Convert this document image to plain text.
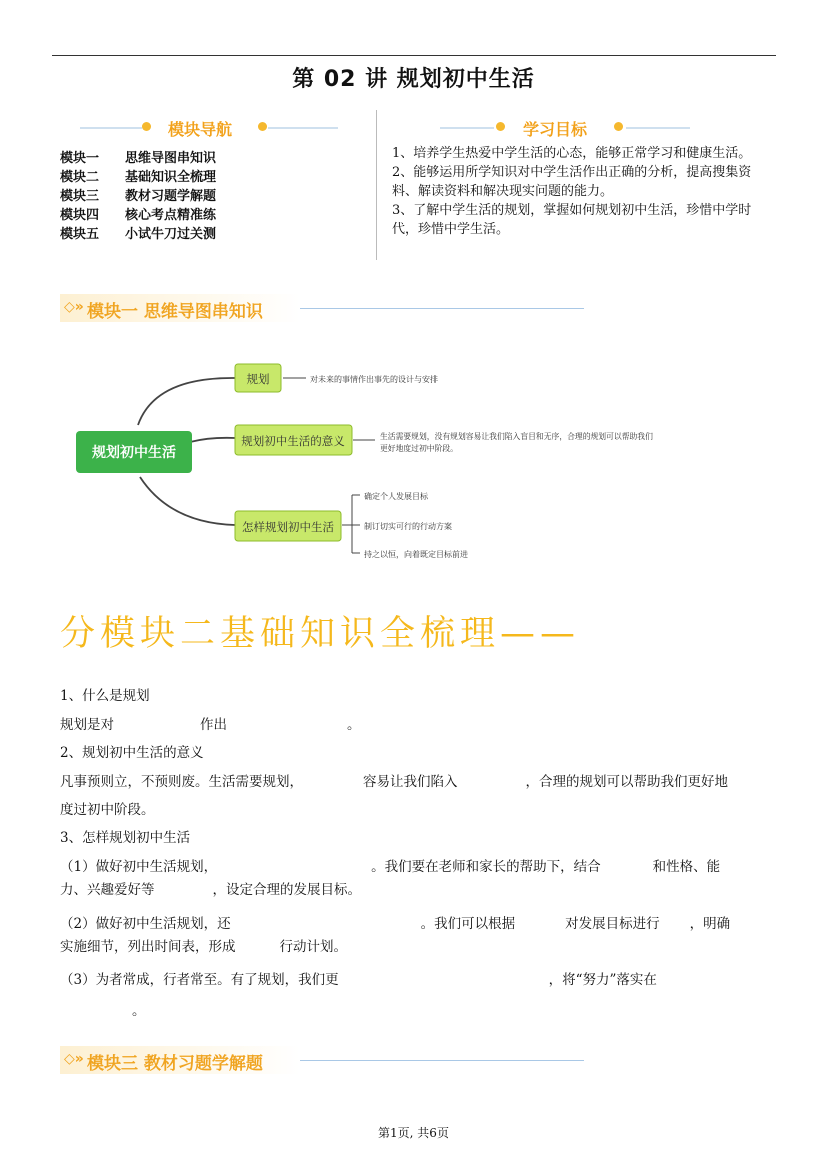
第 02 讲 规划初中生活
模块导航	学习目标
模块一 思维导图串知识
模块二 基础知识全梳理
模块三 教材习题学解题
模块四 核心考点精准练
模块五 小试牛刀过关测
1、培养学生热爱中学生活的心态，能够正常学习和健康生活。
2、能够运用所学知识对中学生活作出正确的分析，提高搜集资料、解读资料和解决现实问题的能力。
3、了解中学生活的规划，掌握如何规划初中生活，珍惜中学时代，珍惜中学生活。
◇» 模块一 思维导图串知识
规划初中生活
规划	对未来的事情作出事先的设计与安排
规划初中生活的意义	生活需要规划，没有规划容易让我们陷入盲目和无序，合理的规划可以帮助我们
更好地度过初中阶段。
怎样规划初中生活
确定个人发展目标
制订切实可行的行动方案
持之以恒，向着既定目标前进
分模块二基础知识全梳理——
1、什么是规划
规划是对	作出	。
2、规划初中生活的意义
凡事预则立，不预则废。生活需要规划，	容易让我们陷入	，合理的规划可以帮助我们更好地
度过初中阶段。
3、怎样规划初中生活
（1）做好初中生活规划，	。我们要在老师和家长的帮助下，结合	和性格、能
力、兴趣爱好等	，设定合理的发展目标。
（2）做好初中生活规划，还	。我们可以根据	对发展目标进行 ，明确
实施细节，列出时间表，形成	行动计划。
（3）为者常成，行者常至。有了规划，我们更	，将“努力”落实在
。
◇» 模块三 教材习题学解题
第1页, 共6页
